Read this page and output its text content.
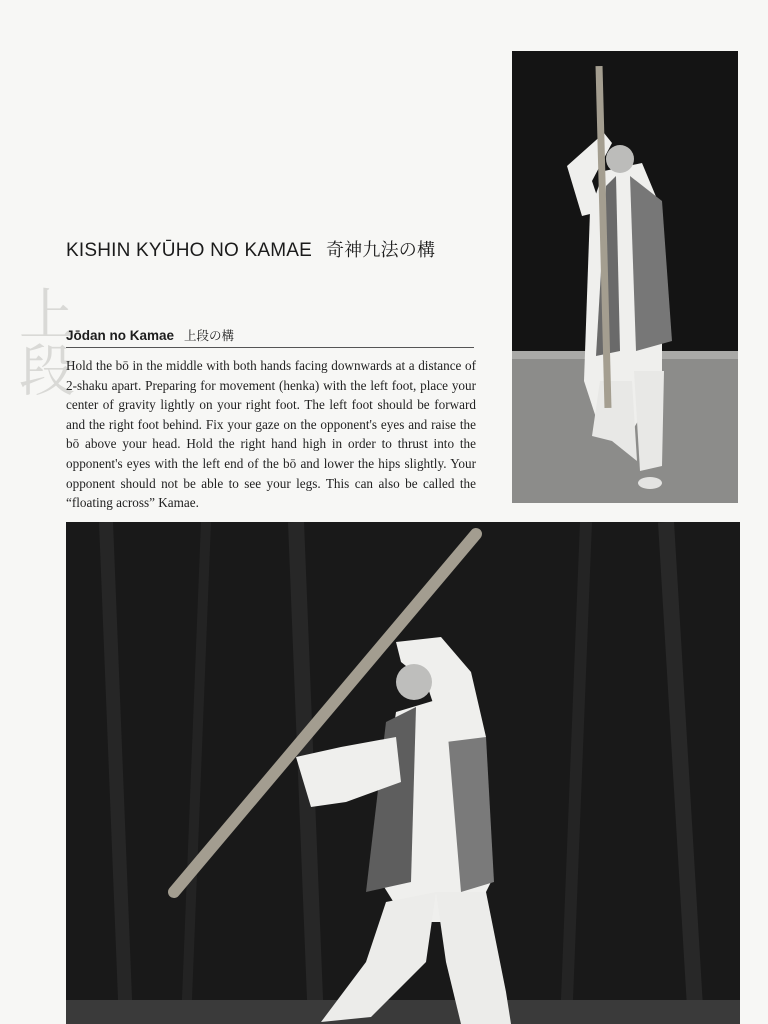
上段
KISHIN KYŪHO NO KAMAE 奇神九法の構
Jōdan no Kamae 上段の構

Hold the bō in the middle with both hands facing downwards at a distance of 2-shaku apart. Preparing for movement (henka) with the left foot, place your center of gravity lightly on your right foot. The left foot should be forward and the right foot behind. Fix your gaze on the opponent's eyes and raise the bō above your head. Hold the right hand high in order to thrust into the opponent's eyes with the left end of the bō and lower the hips slightly. Your opponent should not be able to see your legs. This can also be called the “floating across” Kamae.
